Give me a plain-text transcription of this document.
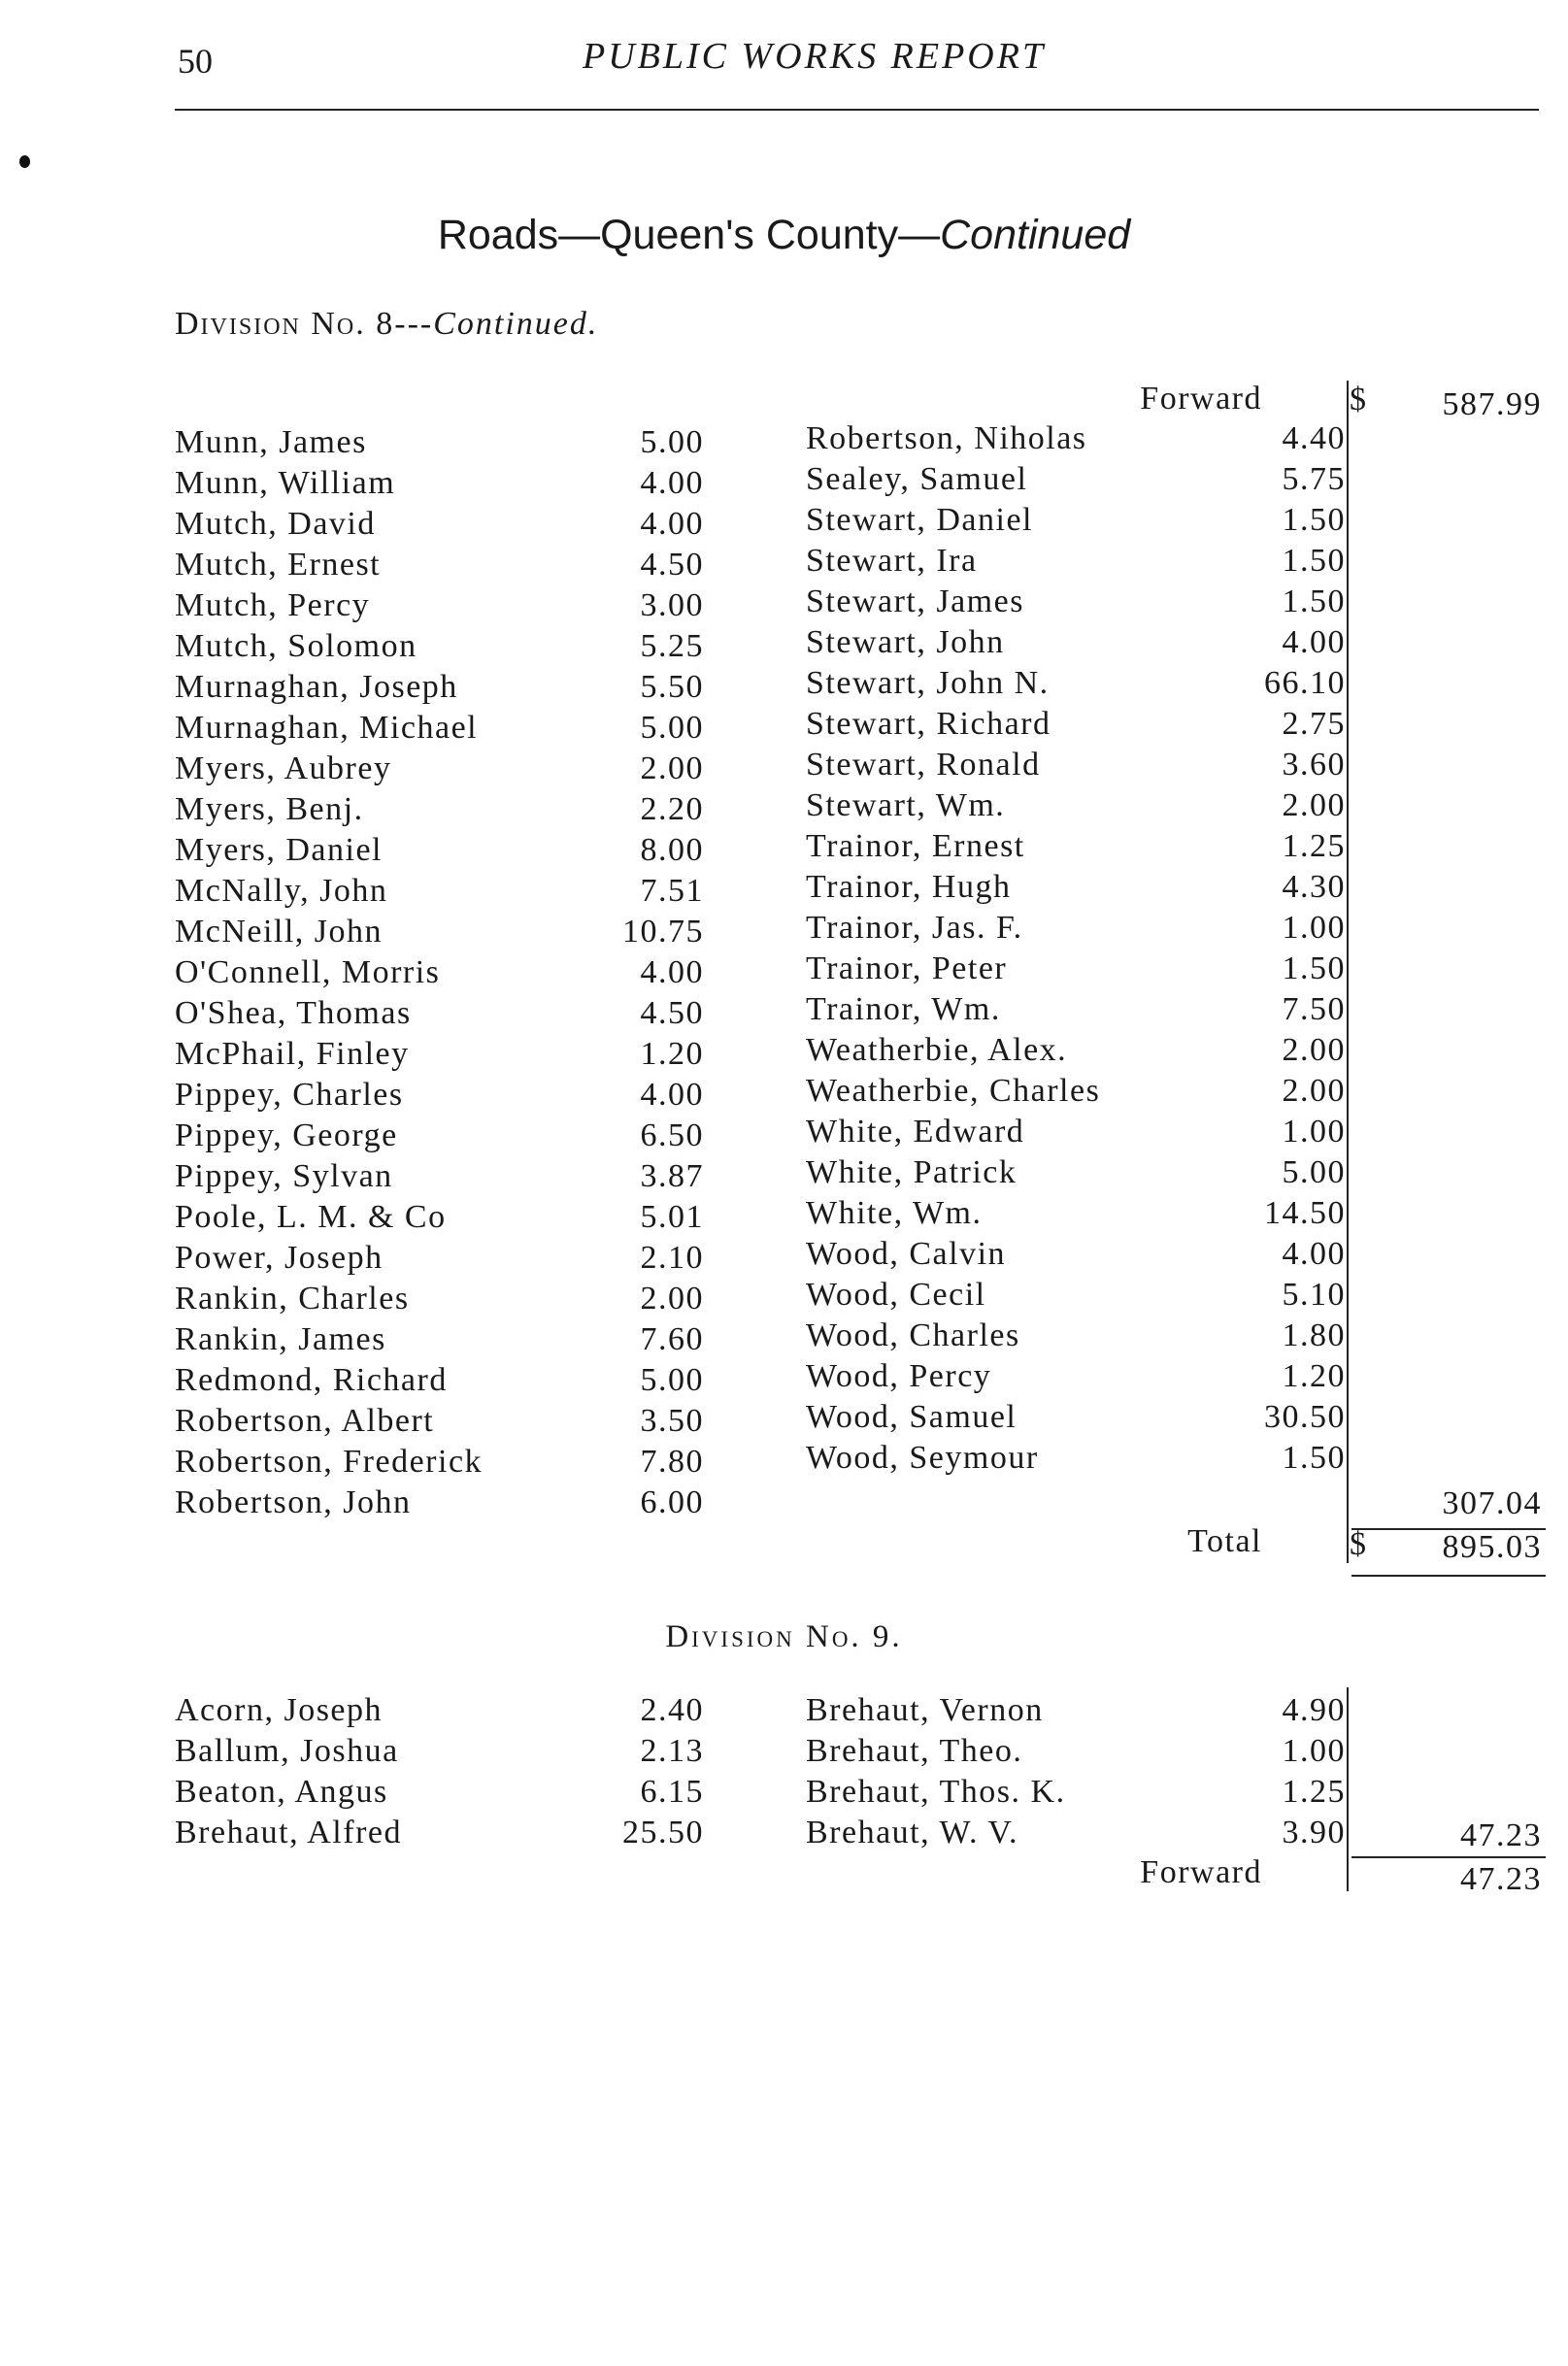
50	PUBLIC WORKS REPORT
Roads—Queen's County—Continued
Division No. 8---Continued.
Forward	$	587.99
Munn, James	5.00
Munn, William	4.00
Mutch, David	4.00
Mutch, Ernest	4.50
Mutch, Percy	3.00
Mutch, Solomon	5.25
Murnaghan, Joseph	5.50
Murnaghan, Michael	5.00
Myers, Aubrey	2.00
Myers, Benj.	2.20
Myers, Daniel	8.00
McNally, John	7.51
McNeill, John	10.75
O'Connell, Morris	4.00
O'Shea, Thomas	4.50
McPhail, Finley	1.20
Pippey, Charles	4.00
Pippey, George	6.50
Pippey, Sylvan	3.87
Poole, L. M. & Co	5.01
Power, Joseph	2.10
Rankin, Charles	2.00
Rankin, James	7.60
Redmond, Richard	5.00
Robertson, Albert	3.50
Robertson, Frederick	7.80
Robertson, John	6.00
Robertson, Niholas	4.40
Sealey, Samuel	5.75
Stewart, Daniel	1.50
Stewart, Ira	1.50
Stewart, James	1.50
Stewart, John	4.00
Stewart, John N.	66.10
Stewart, Richard	2.75
Stewart, Ronald	3.60
Stewart, Wm.	2.00
Trainor, Ernest	1.25
Trainor, Hugh	4.30
Trainor, Jas. F.	1.00
Trainor, Peter	1.50
Trainor, Wm.	7.50
Weatherbie, Alex.	2.00
Weatherbie, Charles	2.00
White, Edward	1.00
White, Patrick	5.00
White, Wm.	14.50
Wood, Calvin	4.00
Wood, Cecil	5.10
Wood, Charles	1.80
Wood, Percy	1.20
Wood, Samuel	30.50
Wood, Seymour	1.50
307.04
Total	$	895.03
Division No. 9.
Acorn, Joseph	2.40
Ballum, Joshua	2.13
Beaton, Angus	6.15
Brehaut, Alfred	25.50
Brehaut, Vernon	4.90
Brehaut, Theo.	1.00
Brehaut, Thos. K.	1.25
Brehaut, W. V.	3.90	47.23
Forward	47.23
